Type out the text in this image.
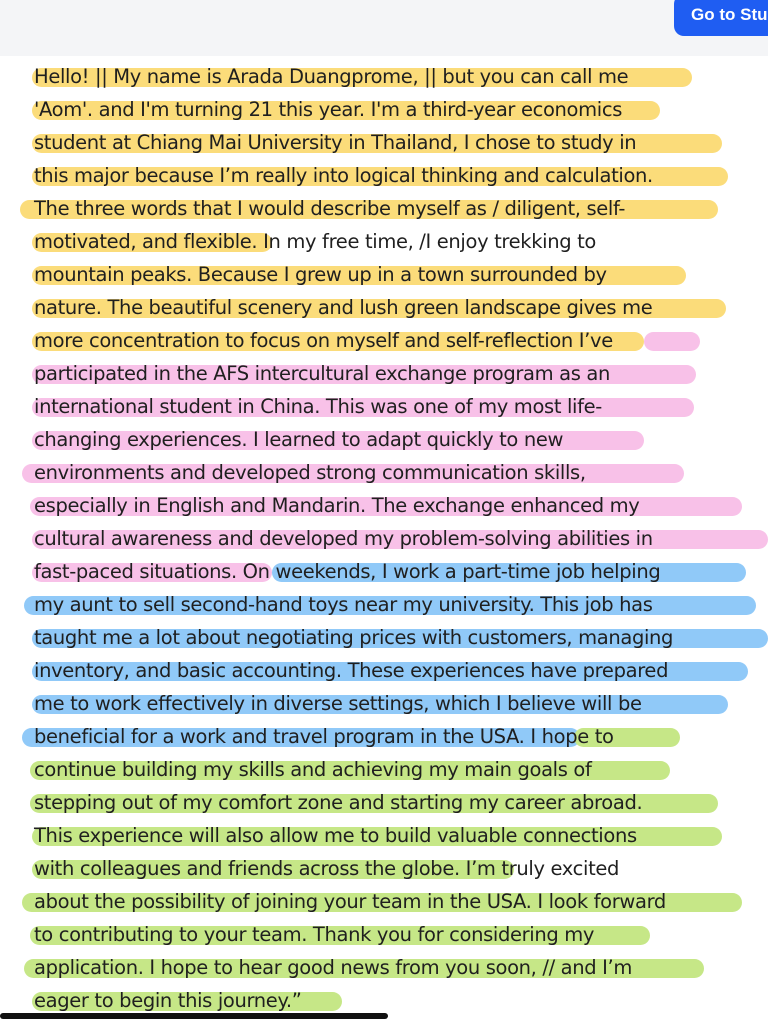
Go to Stu
Hello! || My name is Arada Duangprome, || but you can call me
'Aom'. and I'm turning 21 this year. I'm a third-year economics
student at Chiang Mai University in Thailand, I chose to study in
this major because I’m really into logical thinking and calculation.
The three words that I would describe myself as / diligent, self-
motivated, and flexible. In my free time, /I enjoy trekking to
mountain peaks. Because I grew up in a town surrounded by
nature. The beautiful scenery and lush green landscape gives me
more concentration to focus on myself and self-reflection I’ve
participated in the AFS intercultural exchange program as an
international student in China. This was one of my most life-
changing experiences. I learned to adapt quickly to new
environments and developed strong communication skills,
especially in English and Mandarin. The exchange enhanced my
cultural awareness and developed my problem-solving abilities in
fast-paced situations. On weekends, I work a part-time job helping
my aunt to sell second-hand toys near my university. This job has
taught me a lot about negotiating prices with customers, managing
inventory, and basic accounting. These experiences have prepared
me to work effectively in diverse settings, which I believe will be
beneficial for a work and travel program in the USA. I hope to
continue building my skills and achieving my main goals of
stepping out of my comfort zone and starting my career abroad.
This experience will also allow me to build valuable connections
with colleagues and friends across the globe. I’m truly excited
about the possibility of joining your team in the USA. I look forward
to contributing to your team. Thank you for considering my
application. I hope to hear good news from you soon, // and I’m
eager to begin this journey.”
